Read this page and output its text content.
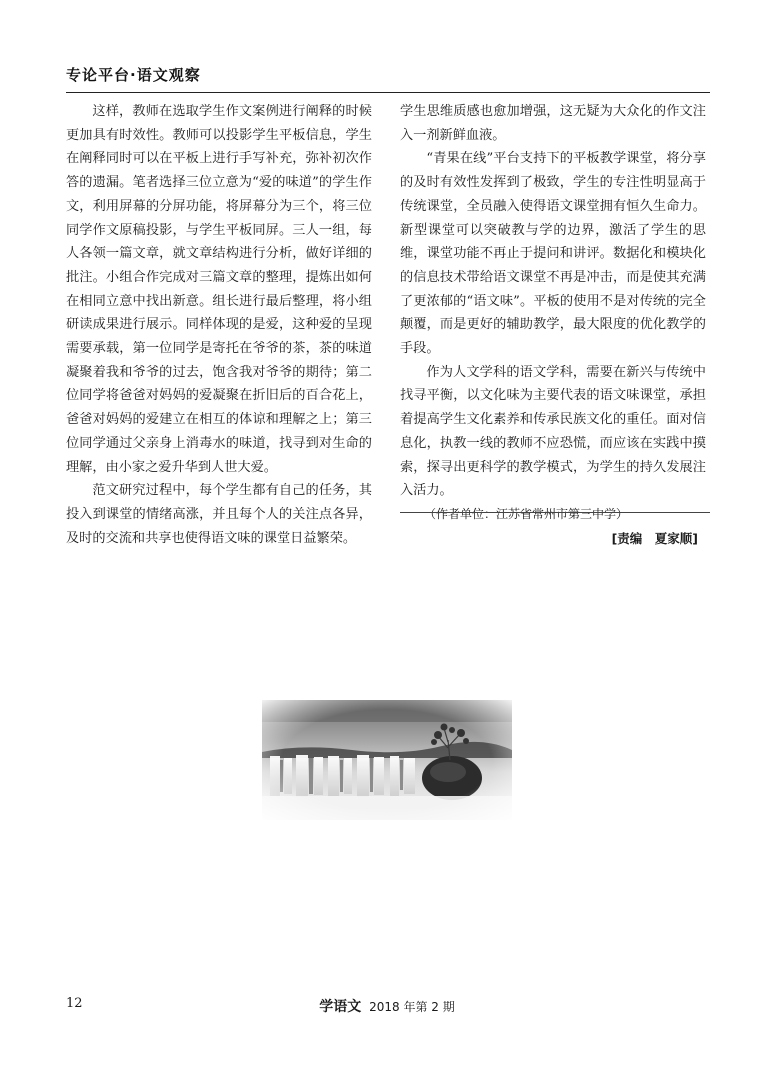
专论平台·语文观察

这样，教师在选取学生作文案例进行阐释的时候更加具有时效性。教师可以投影学生平板信息，学生在阐释同时可以在平板上进行手写补充，弥补初次作答的遗漏。笔者选择三位立意为“爱的味道”的学生作文，利用屏幕的分屏功能，将屏幕分为三个，将三位同学作文原稿投影，与学生平板同屏。三人一组，每人各领一篇文章，就文章结构进行分析，做好详细的批注。小组合作完成对三篇文章的整理，提炼出如何在相同立意中找出新意。组长进行最后整理，将小组研读成果进行展示。同样体现的是爱，这种爱的呈现需要承载，第一位同学是寄托在爷爷的茶，茶的味道凝聚着我和爷爷的过去，饱含我对爷爷的期待；第二位同学将爸爸对妈妈的爱凝聚在折旧后的百合花上，爸爸对妈妈的爱建立在相互的体谅和理解之上；第三位同学通过父亲身上消毒水的味道，找寻到对生命的理解，由小家之爱升华到人世大爱。

范文研究过程中，每个学生都有自己的任务，其投入到课堂的情绪高涨，并且每个人的关注点各异，及时的交流和共享也使得语文味的课堂日益繁荣。

学生思维质感也愈加增强，这无疑为大众化的作文注入一剂新鲜血液。

“青果在线”平台支持下的平板教学课堂，将分享的及时有效性发挥到了极致，学生的专注性明显高于传统课堂，全员融入使得语文课堂拥有恒久生命力。新型课堂可以突破教与学的边界，激活了学生的思维，课堂功能不再止于提问和讲评。数据化和模块化的信息技术带给语文课堂不再是冲击，而是使其充满了更浓郁的“语文味”。平板的使用不是对传统的完全颠覆，而是更好的辅助教学，最大限度的优化教学的手段。

作为人文学科的语文学科，需要在新兴与传统中找寻平衡，以文化味为主要代表的语文味课堂，承担着提高学生文化素养和传承民族文化的重任。面对信息化，执教一线的教师不应恐慌，而应该在实践中摸索，探寻出更科学的教学模式，为学生的持久发展注入活力。

（作者单位：江苏省常州市第三中学）

[责编　夏家顺]

12	学语文 2018 年第 2 期
